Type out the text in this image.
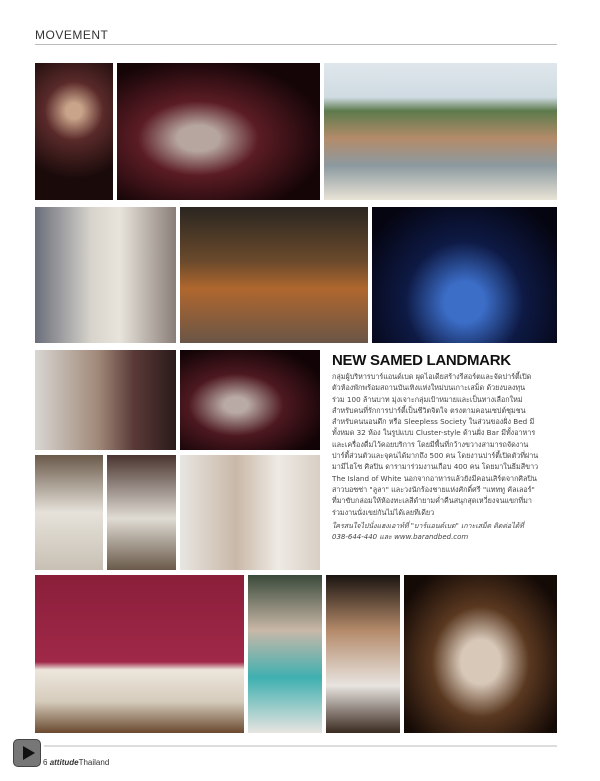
MOVEMENT
NEW SAMED LANDMARK
กลุ่มผู้บริหารบาร์แอนด์เบด ผุดไอเดียสร้างรีสอร์ตและจัดปาร์ตี้เปิด
ตัวห้องพักพร้อมสถานบันเทิงแห่งใหม่บนเกาะเสม็ด ด้วยงบลงทุน
ร่วม 100 ล้านบาท มุ่งเจาะกลุ่มเป้าหมายและเป็นทางเลือกใหม่
สำหรับคนที่รักการปาร์ตี้เป็นชีวิตจิตใจ ตรงตามคอนเซปต์ชุมชน
สำหรับคนนอนดึก หรือ Sleepless Society ในส่วนของฝั่ง Bed มี
ทั้งหมด 32 ห้อง ในรูปแบบ Cluster-style ด้านฝั่ง Bar มีทั้งอาหาร
และเครื่องดื่มไว้คอยบริการ โดยมีพื้นที่กว้างขวางสามารถจัดงาน
ปาร์ตี้ส่วนตัวและจุคนได้มากถึง 500 คน โดยงานปาร์ตี้เปิดตัวที่ผ่าน
มามีไฮโซ ศิลปิน ดารามาร่วมงานเกือบ 400 คน โดยมาในธีมสีขาว
The Island of White นอกจากอาหารแล้วยังมีคอนเสิร์ตจากศิลปิน
สาวบอซซ่า "ลูลา" และวงนักร้องชายแห่งศักดิ์ศรี "แทททู คัลเลอร์"
ที่มาขับกล่อมให้ห้องทะเลสีดำยามค่ำคืนสนุกสุดเหวี่ยงจนแขกที่มา
ร่วมงานนั่งเขย่กันไม่ได้เลยทีเดียว
ใครสนใจไปนั่งแฮงเอาท์ที่ "บาร์แอนด์เบด" เกาะเสม็ด ติดต่อได้ที่
038-644-440 และ www.barandbed.com
6 attitudeThailand
